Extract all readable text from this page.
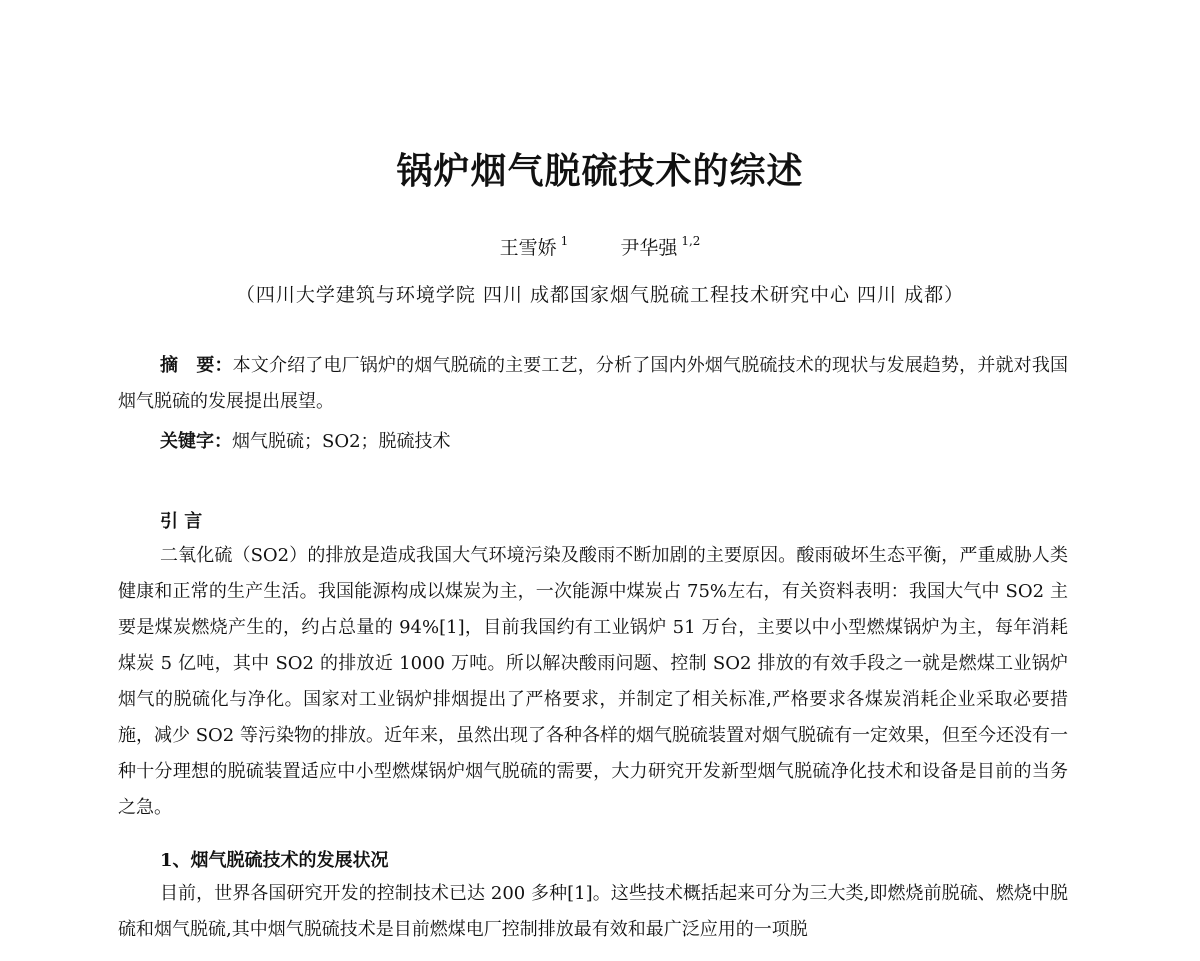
锅炉烟气脱硫技术的综述
王雪娇 $^1$	尹华强 $^{1,2}$
（四川大学建筑与环境学院 四川 成都国家烟气脱硫工程技术研究中心 四川 成都）
摘　要：本文介绍了电厂锅炉的烟气脱硫的主要工艺，分析了国内外烟气脱硫技术的现状与发展趋势，并就对我国烟气脱硫的发展提出展望。
关键字：烟气脱硫；SO2；脱硫技术
引 言

二氧化硫（SO2）的排放是造成我国大气环境污染及酸雨不断加剧的主要原因。酸雨破坏生态平衡，严重威胁人类健康和正常的生产生活。我国能源构成以煤炭为主，一次能源中煤炭占 75%左右，有关资料表明：我国大气中 SO2 主要是煤炭燃烧产生的，约占总量的 94%[1]，目前我国约有工业锅炉 51 万台，主要以中小型燃煤锅炉为主，每年消耗煤炭 5 亿吨，其中 SO2 的排放近 1000 万吨。所以解决酸雨问题、控制 SO2 排放的有效手段之一就是燃煤工业锅炉烟气的脱硫化与净化。国家对工业锅炉排烟提出了严格要求，并制定了相关标准,严格要求各煤炭消耗企业采取必要措施，减少 SO2 等污染物的排放。近年来，虽然出现了各种各样的烟气脱硫装置对烟气脱硫有一定效果，但至今还没有一种十分理想的脱硫装置适应中小型燃煤锅炉烟气脱硫的需要，大力研究开发新型烟气脱硫净化技术和设备是目前的当务之急。

1、烟气脱硫技术的发展状况

目前，世界各国研究开发的控制技术已达 200 多种[1]。这些技术概括起来可分为三大类,即燃烧前脱硫、燃烧中脱硫和烟气脱硫,其中烟气脱硫技术是目前燃煤电厂控制排放最有效和最广泛应用的一项脱
